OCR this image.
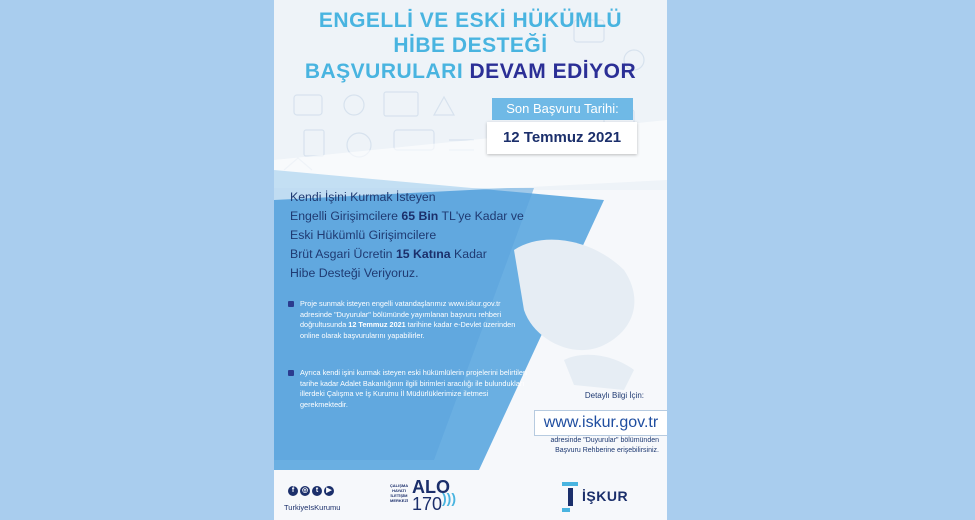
ENGELLİ VE ESKİ HÜKÜMLÜ
HİBE DESTEĞİ
BAŞVURULARI DEVAM EDİYOR
Son Başvuru Tarihi:
12 Temmuz 2021
Kendi İşini Kurmak İsteyen
Engelli Girişimcilere 65 Bin TL'ye Kadar ve
Eski Hükümlü Girişimcilere
Brüt Asgari Ücretin 15 Katına Kadar
Hibe Desteği Veriyoruz.
Proje sunmak isteyen engelli vatandaşlarımız www.iskur.gov.tr adresinde "Duyurular" bölümünde yayımlanan başvuru rehberi doğrultusunda 12 Temmuz 2021 tarihine kadar e-Devlet üzerinden online olarak başvurularını yapabilirler.
Ayrıca kendi işini kurmak isteyen eski hükümlülerin projelerini belirtilen tarihe kadar Adalet Bakanlığının ilgili birimleri aracılığı ile bulundukları illerdeki Çalışma ve İş Kurumu İl Müdürlüklerimize iletmesi gerekmektedir.
Detaylı Bilgi İçin:
www.iskur.gov.tr
adresinde "Duyurular" bölümünden
Başvuru Rehberine erişebilirsiniz.
f	◎	t	▶
TurkiyeIsKurumu
ÇALIŞMA HAYATI İLETİŞİM MERKEZİ
ALO
170 )))	İŞKUR
